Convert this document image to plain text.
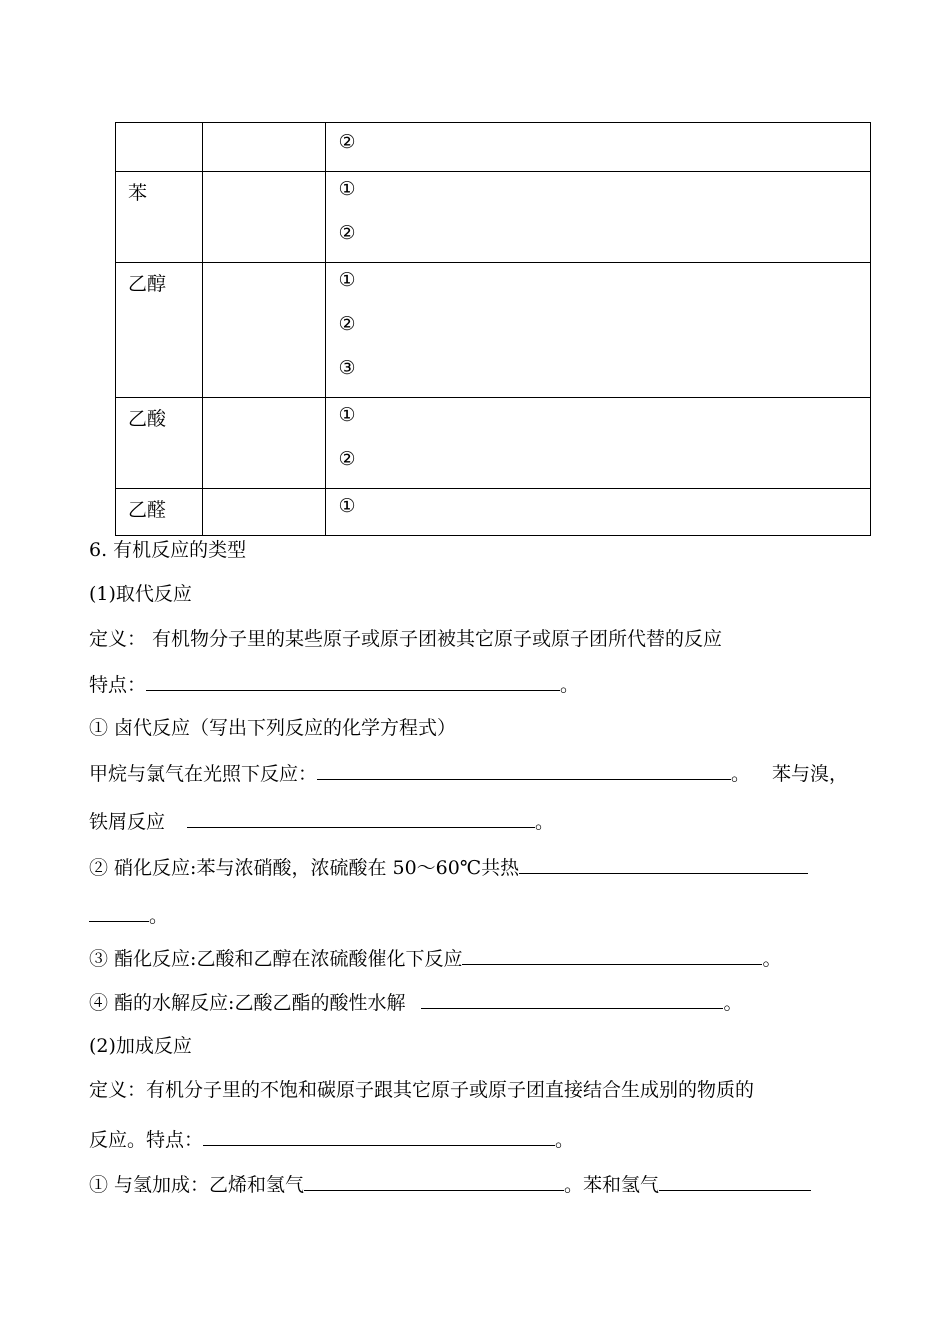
		②

苯		①
②

乙醇		①
②
③

乙酸		①
②

乙醛		①
6. 有机反应的类型
(1)取代反应
定义： 有机物分子里的某些原子或原子团被其它原子或原子团所代替的反应
特点：	。
① 卤代反应（写出下列反应的化学方程式）
甲烷与氯气在光照下反应：	。 苯与溴，
铁屑反应	。
② 硝化反应:苯与浓硝酸，浓硫酸在 50～60℃共热
。
③ 酯化反应:乙酸和乙醇在浓硫酸催化下反应	。
④ 酯的水解反应:乙酸乙酯的酸性水解	。
(2)加成反应
定义：有机分子里的不饱和碳原子跟其它原子或原子团直接结合生成别的物质的
反应。特点：	。
① 与氢加成：乙烯和氢气	。苯和氢气
